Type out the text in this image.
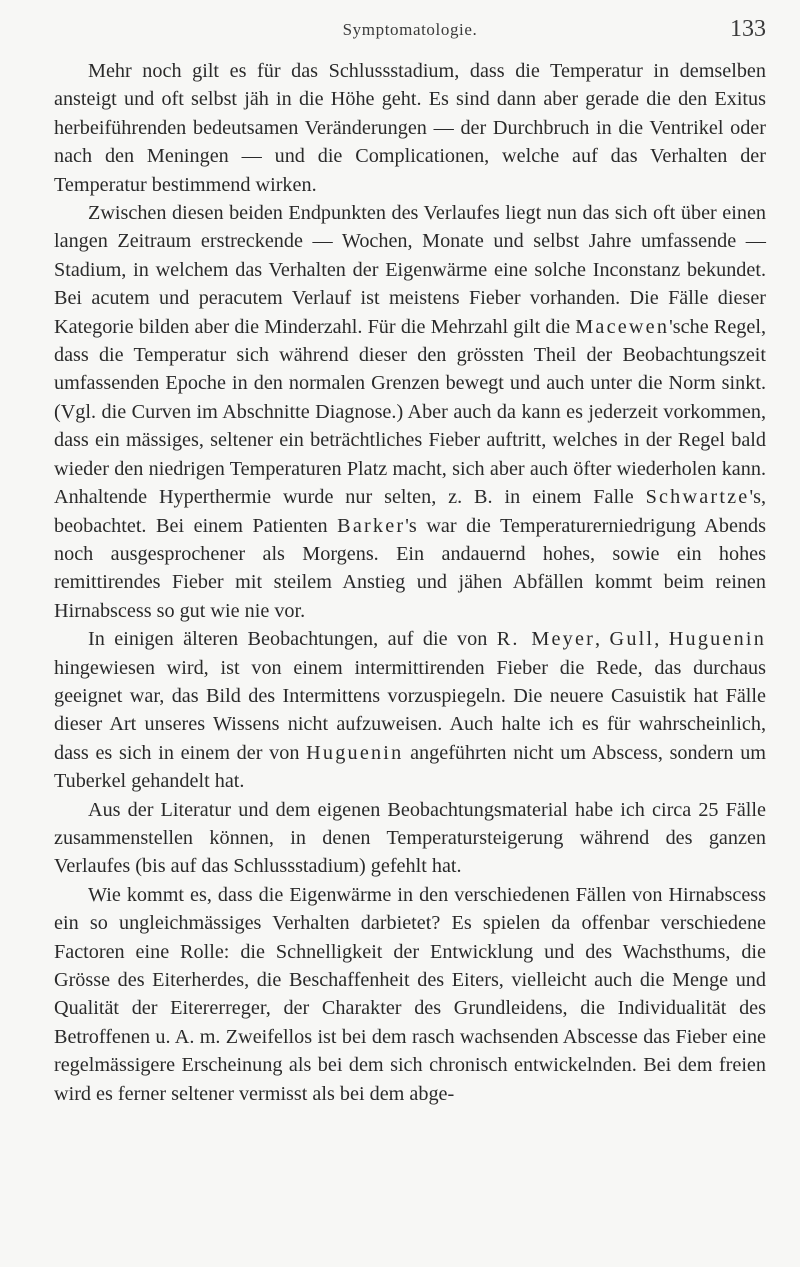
Symptomatologie.	133

Mehr noch gilt es für das Schlussstadium, dass die Temperatur in demselben ansteigt und oft selbst jäh in die Höhe geht. Es sind dann aber gerade die den Exitus herbeiführenden bedeutsamen Veränderungen — der Durchbruch in die Ventrikel oder nach den Meningen — und die Complicationen, welche auf das Verhalten der Temperatur bestimmend wirken.

Zwischen diesen beiden Endpunkten des Verlaufes liegt nun das sich oft über einen langen Zeitraum erstreckende — Wochen, Monate und selbst Jahre umfassende — Stadium, in welchem das Verhalten der Eigenwärme eine solche Inconstanz bekundet. Bei acutem und peracutem Verlauf ist meistens Fieber vorhanden. Die Fälle dieser Kategorie bilden aber die Minderzahl. Für die Mehrzahl gilt die Macewen'sche Regel, dass die Temperatur sich während dieser den grössten Theil der Beobachtungszeit umfassenden Epoche in den normalen Grenzen bewegt und auch unter die Norm sinkt. (Vgl. die Curven im Abschnitte Diagnose.) Aber auch da kann es jederzeit vorkommen, dass ein mässiges, seltener ein beträchtliches Fieber auftritt, welches in der Regel bald wieder den niedrigen Temperaturen Platz macht, sich aber auch öfter wiederholen kann. Anhaltende Hyperthermie wurde nur selten, z. B. in einem Falle Schwartze's, beobachtet. Bei einem Patienten Barker's war die Temperaturerniedrigung Abends noch ausgesprochener als Morgens. Ein andauernd hohes, sowie ein hohes remittirendes Fieber mit steilem Anstieg und jähen Abfällen kommt beim reinen Hirnabscess so gut wie nie vor.

In einigen älteren Beobachtungen, auf die von R. Meyer, Gull, Huguenin hingewiesen wird, ist von einem intermittirenden Fieber die Rede, das durchaus geeignet war, das Bild des Intermittens vorzuspiegeln. Die neuere Casuistik hat Fälle dieser Art unseres Wissens nicht aufzuweisen. Auch halte ich es für wahrscheinlich, dass es sich in einem der von Huguenin angeführten nicht um Abscess, sondern um Tuberkel gehandelt hat.

Aus der Literatur und dem eigenen Beobachtungsmaterial habe ich circa 25 Fälle zusammenstellen können, in denen Temperatursteigerung während des ganzen Verlaufes (bis auf das Schlussstadium) gefehlt hat.

Wie kommt es, dass die Eigenwärme in den verschiedenen Fällen von Hirnabscess ein so ungleichmässiges Verhalten darbietet? Es spielen da offenbar verschiedene Factoren eine Rolle: die Schnelligkeit der Entwicklung und des Wachsthums, die Grösse des Eiterherdes, die Beschaffenheit des Eiters, vielleicht auch die Menge und Qualität der Eitererreger, der Charakter des Grundleidens, die Individualität des Betroffenen u. A. m. Zweifellos ist bei dem rasch wachsenden Abscesse das Fieber eine regelmässigere Erscheinung als bei dem sich chronisch entwickelnden. Bei dem freien wird es ferner seltener vermisst als bei dem abge-
